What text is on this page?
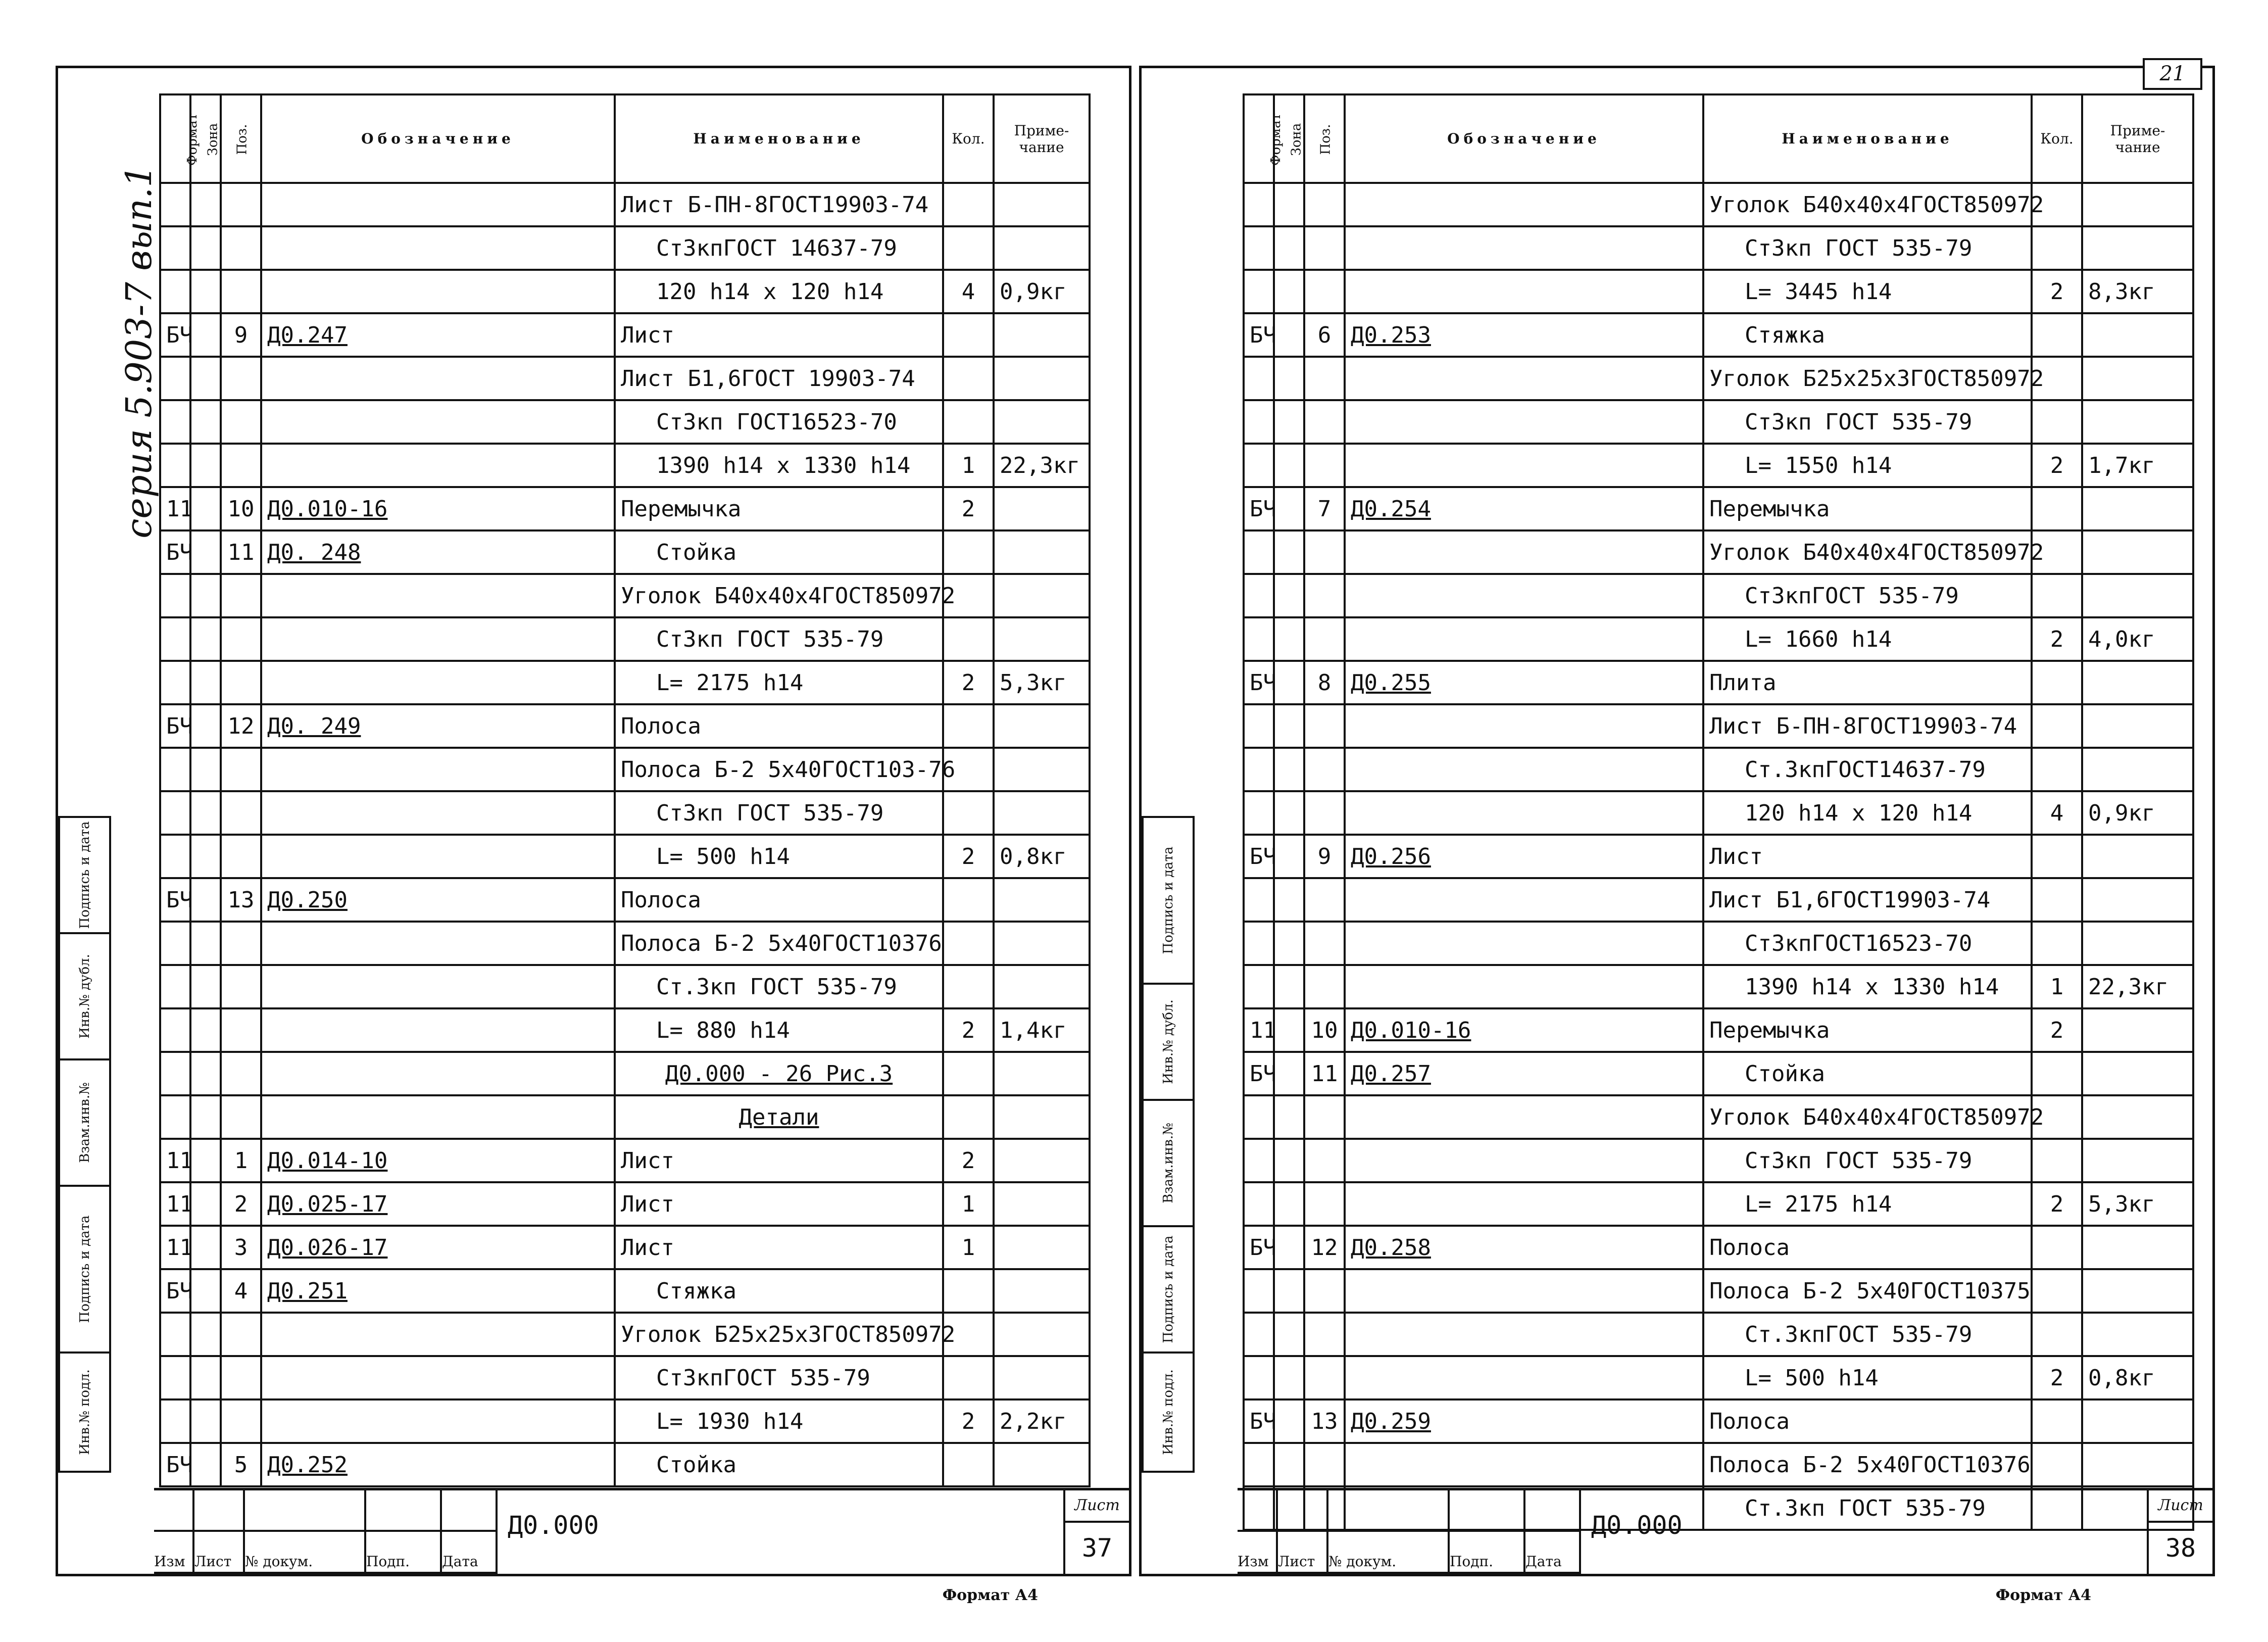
серия 5.903-7 вып.1
Подпись и дата
Инв.№ дубл.
Взам.инв.№
Подпись и дата
Инв.№ подл.
Формат	Зона	Поз.	Обозначение	Наименование	Кол.	Приме-чание
				Лист Б-ПН-8ГОСТ19903-74		
				Ст3кпГОСТ 14637-79		
				120 h14 x 120 h14	4	0,9кг
БЧ		9	Д0.247	Лист		
				Лист Б1,6ГОСТ 19903-74		
				Ст3кп ГОСТ16523-70		
				1390 h14 x 1330 h14	1	22,3кг
11		10	Д0.010-16	Перемычка	2	
БЧ		11	Д0. 248	Стойка		
				Уголок Б40х40х4ГОСТ850972		
				Ст3кп ГОСТ 535-79		
				L= 2175 h14	2	5,3кг
БЧ		12	Д0. 249	Полоса		
				Полоса Б-2 5х40ГОСТ103-76		
				Ст3кп ГОСТ 535-79		
				L= 500 h14	2	0,8кг
БЧ		13	Д0.250	Полоса		
				Полоса Б-2 5х40ГОСТ10376		
				Ст.3кп ГОСТ 535-79		
				L= 880 h14	2	1,4кг
				Д0.000 - 26 Рис.3		
				Детали		
11		1	Д0.014-10	Лист	2	
11		2	Д0.025-17	Лист	1	
11		3	Д0.026-17	Лист	1	
БЧ		4	Д0.251	Стяжка		
				Уголок Б25х25х3ГОСТ850972		
				Ст3кпГОСТ 535-79		
				L= 1930 h14	2	2,2кг
БЧ		5	Д0.252	Стойка		
Изм Лист № докум.	Подп. Дата
Д0.000
Лист
37
Формат А4
21
Подпись и дата
Инв.№ дубл.
Взам.инв.№
Подпись и дата
Инв.№ подл.
Формат	Зона	Поз.	Обозначение	Наименование	Кол.	Приме-чание
				Уголок Б40х40х4ГОСТ850972		
				Ст3кп ГОСТ 535-79		
				L= 3445 h14	2	8,3кг
БЧ		6	Д0.253	Стяжка		
				Уголок Б25х25х3ГОСТ850972		
				Ст3кп ГОСТ 535-79		
				L= 1550 h14	2	1,7кг
БЧ		7	Д0.254	Перемычка		
				Уголок Б40х40х4ГОСТ850972		
				Ст3кпГОСТ 535-79		
				L= 1660 h14	2	4,0кг
БЧ		8	Д0.255	Плита		
				Лист Б-ПН-8ГОСТ19903-74		
				Ст.3кпГОСТ14637-79		
				120 h14 x 120 h14	4	0,9кг
БЧ		9	Д0.256	Лист		
				Лист Б1,6ГОСТ19903-74		
				Ст3кпГОСТ16523-70		
				1390 h14 x 1330 h14	1	22,3кг
11		10	Д0.010-16	Перемычка	2	
БЧ		11	Д0.257	Стойка		
				Уголок Б40х40х4ГОСТ850972		
				Ст3кп ГОСТ 535-79		
				L= 2175 h14	2	5,3кг
БЧ		12	Д0.258	Полоса		
				Полоса Б-2 5х40ГОСТ10375		
				Ст.3кпГОСТ 535-79		
				L= 500 h14	2	0,8кг
БЧ		13	Д0.259	Полоса		
				Полоса Б-2 5х40ГОСТ10376		
				Ст.3кп ГОСТ 535-79		
Изм Лист № докум.	Подп. Дата
Д0.000
Лист
38
Формат А4
